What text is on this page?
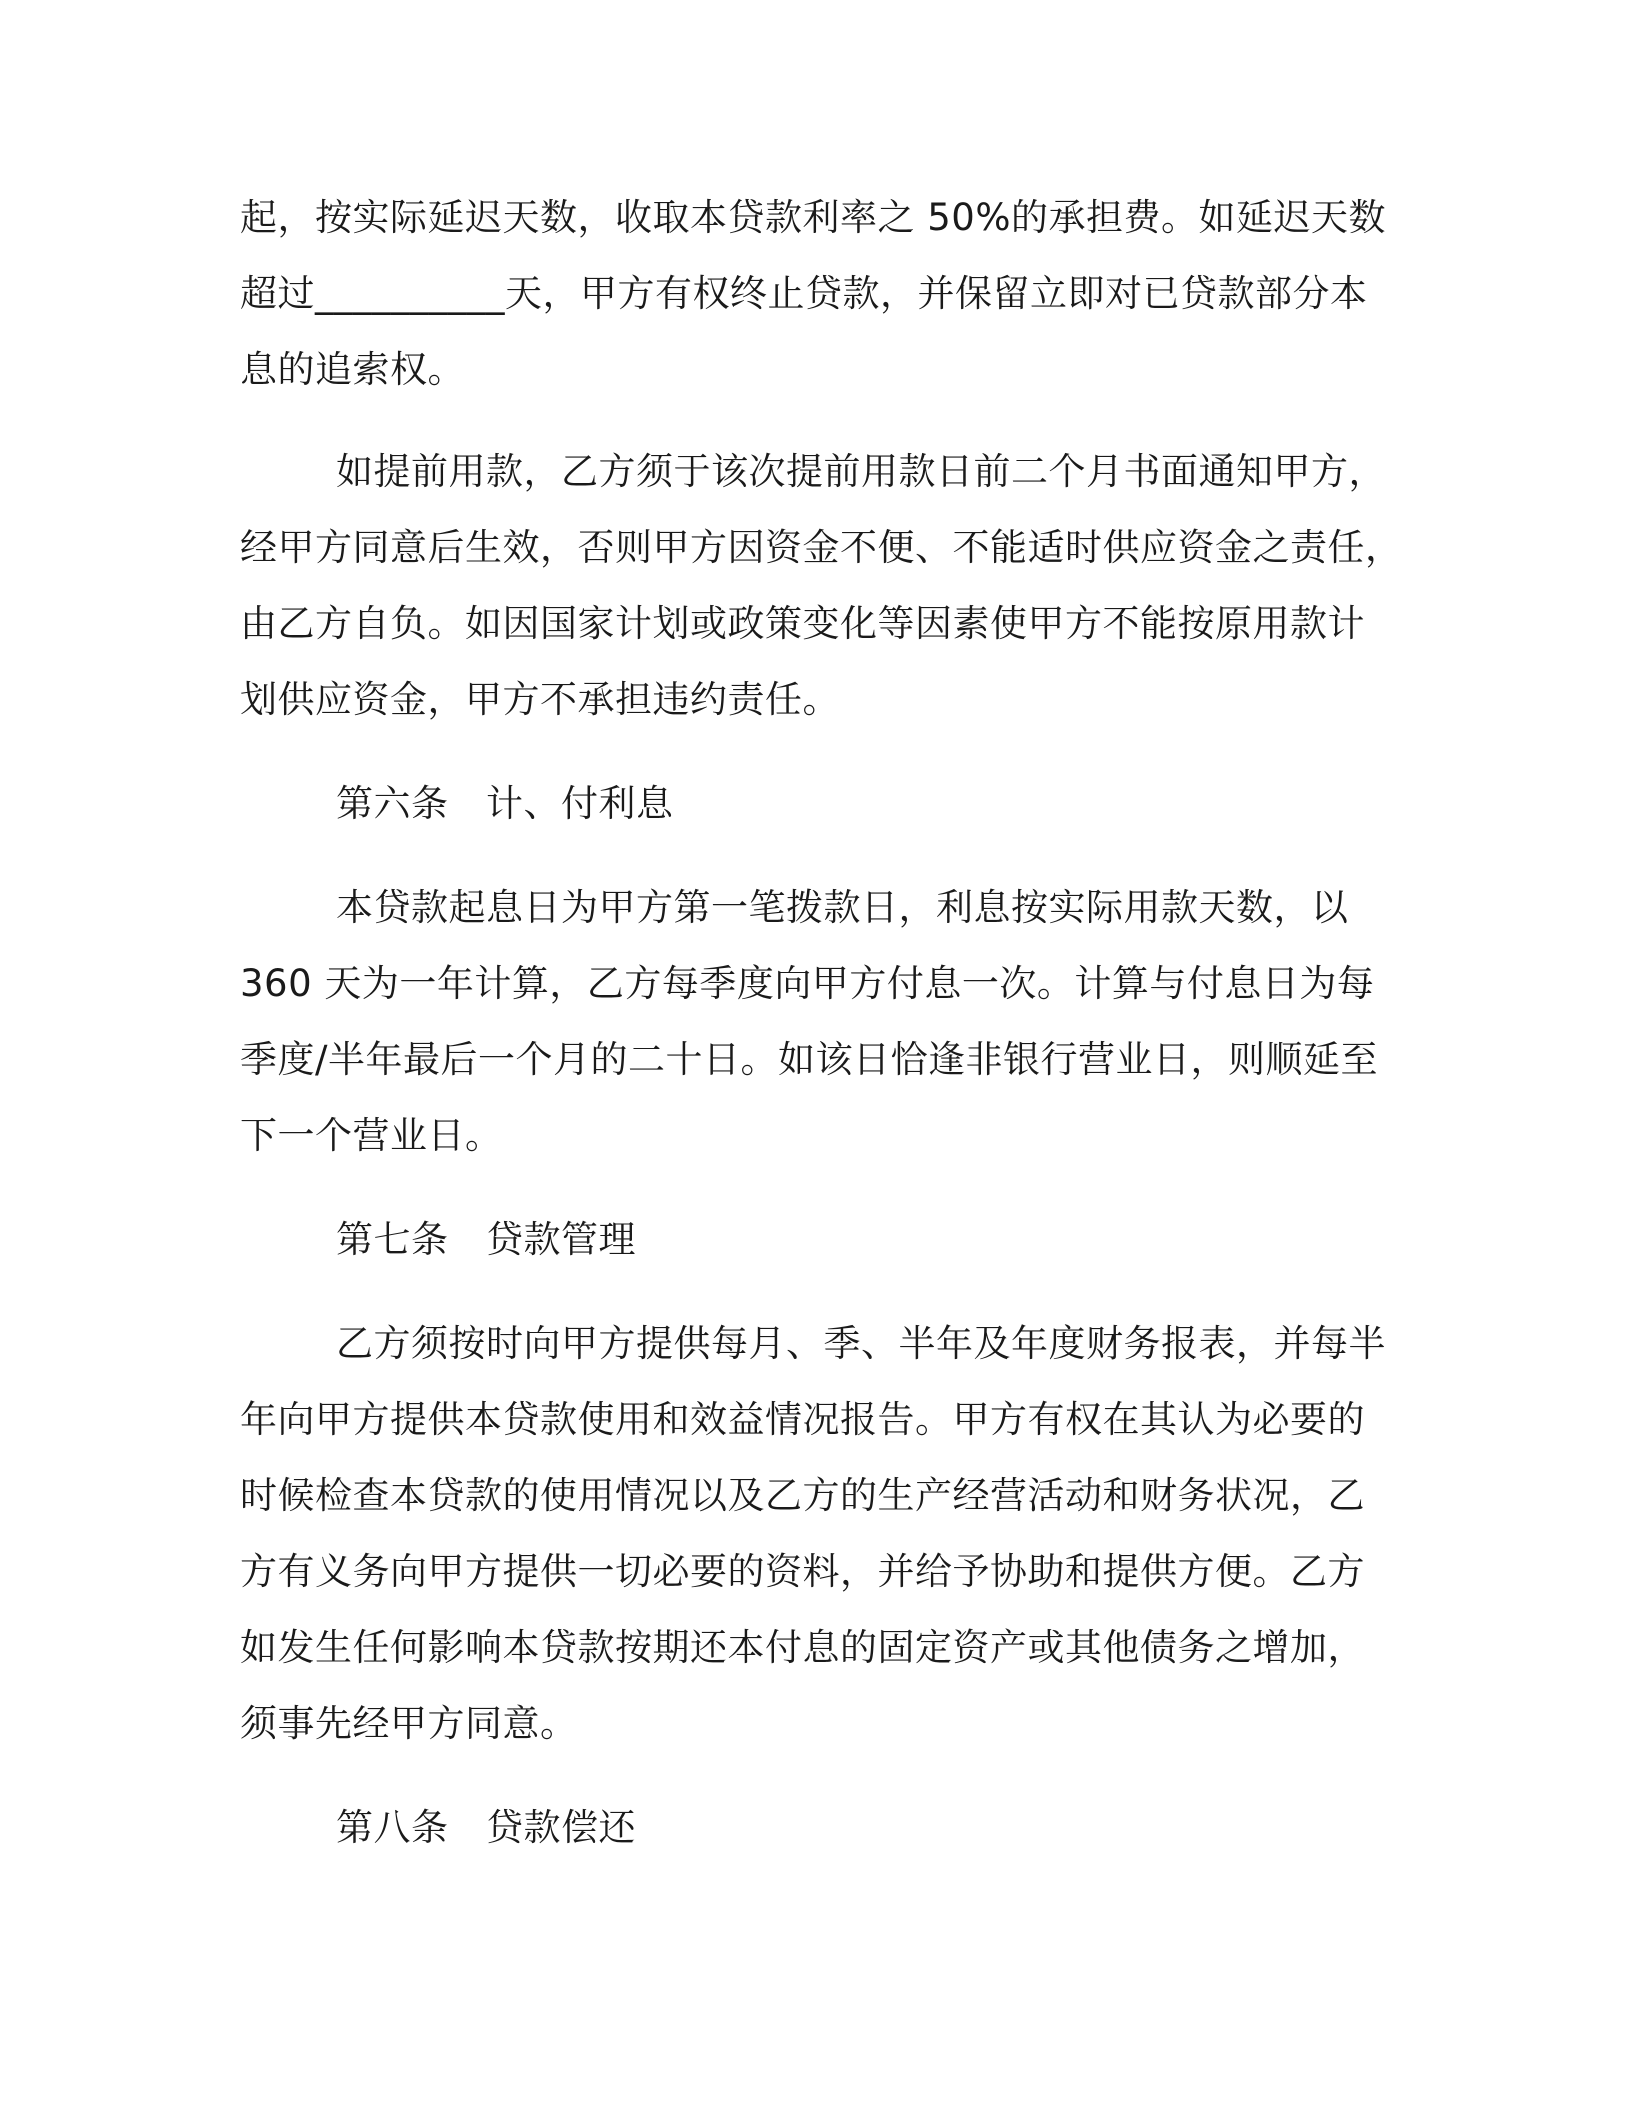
起，按实际延迟天数，收取本贷款利率之 50%的承担费。如延迟天数

超过__________天，甲方有权终止贷款，并保留立即对已贷款部分本

息的追索权。

如提前用款，乙方须于该次提前用款日前二个月书面通知甲方，

经甲方同意后生效，否则甲方因资金不便、不能适时供应资金之责任，

由乙方自负。如因国家计划或政策变化等因素使甲方不能按原用款计

划供应资金，甲方不承担违约责任。

第六条　计、付利息

本贷款起息日为甲方第一笔拨款日，利息按实际用款天数，以

360 天为一年计算，乙方每季度向甲方付息一次。计算与付息日为每

季度/半年最后一个月的二十日。如该日恰逢非银行营业日，则顺延至

下一个营业日。

第七条　贷款管理

乙方须按时向甲方提供每月、季、半年及年度财务报表，并每半

年向甲方提供本贷款使用和效益情况报告。甲方有权在其认为必要的

时候检查本贷款的使用情况以及乙方的生产经营活动和财务状况，乙

方有义务向甲方提供一切必要的资料，并给予协助和提供方便。乙方

如发生任何影响本贷款按期还本付息的固定资产或其他债务之增加，

须事先经甲方同意。

第八条　贷款偿还
